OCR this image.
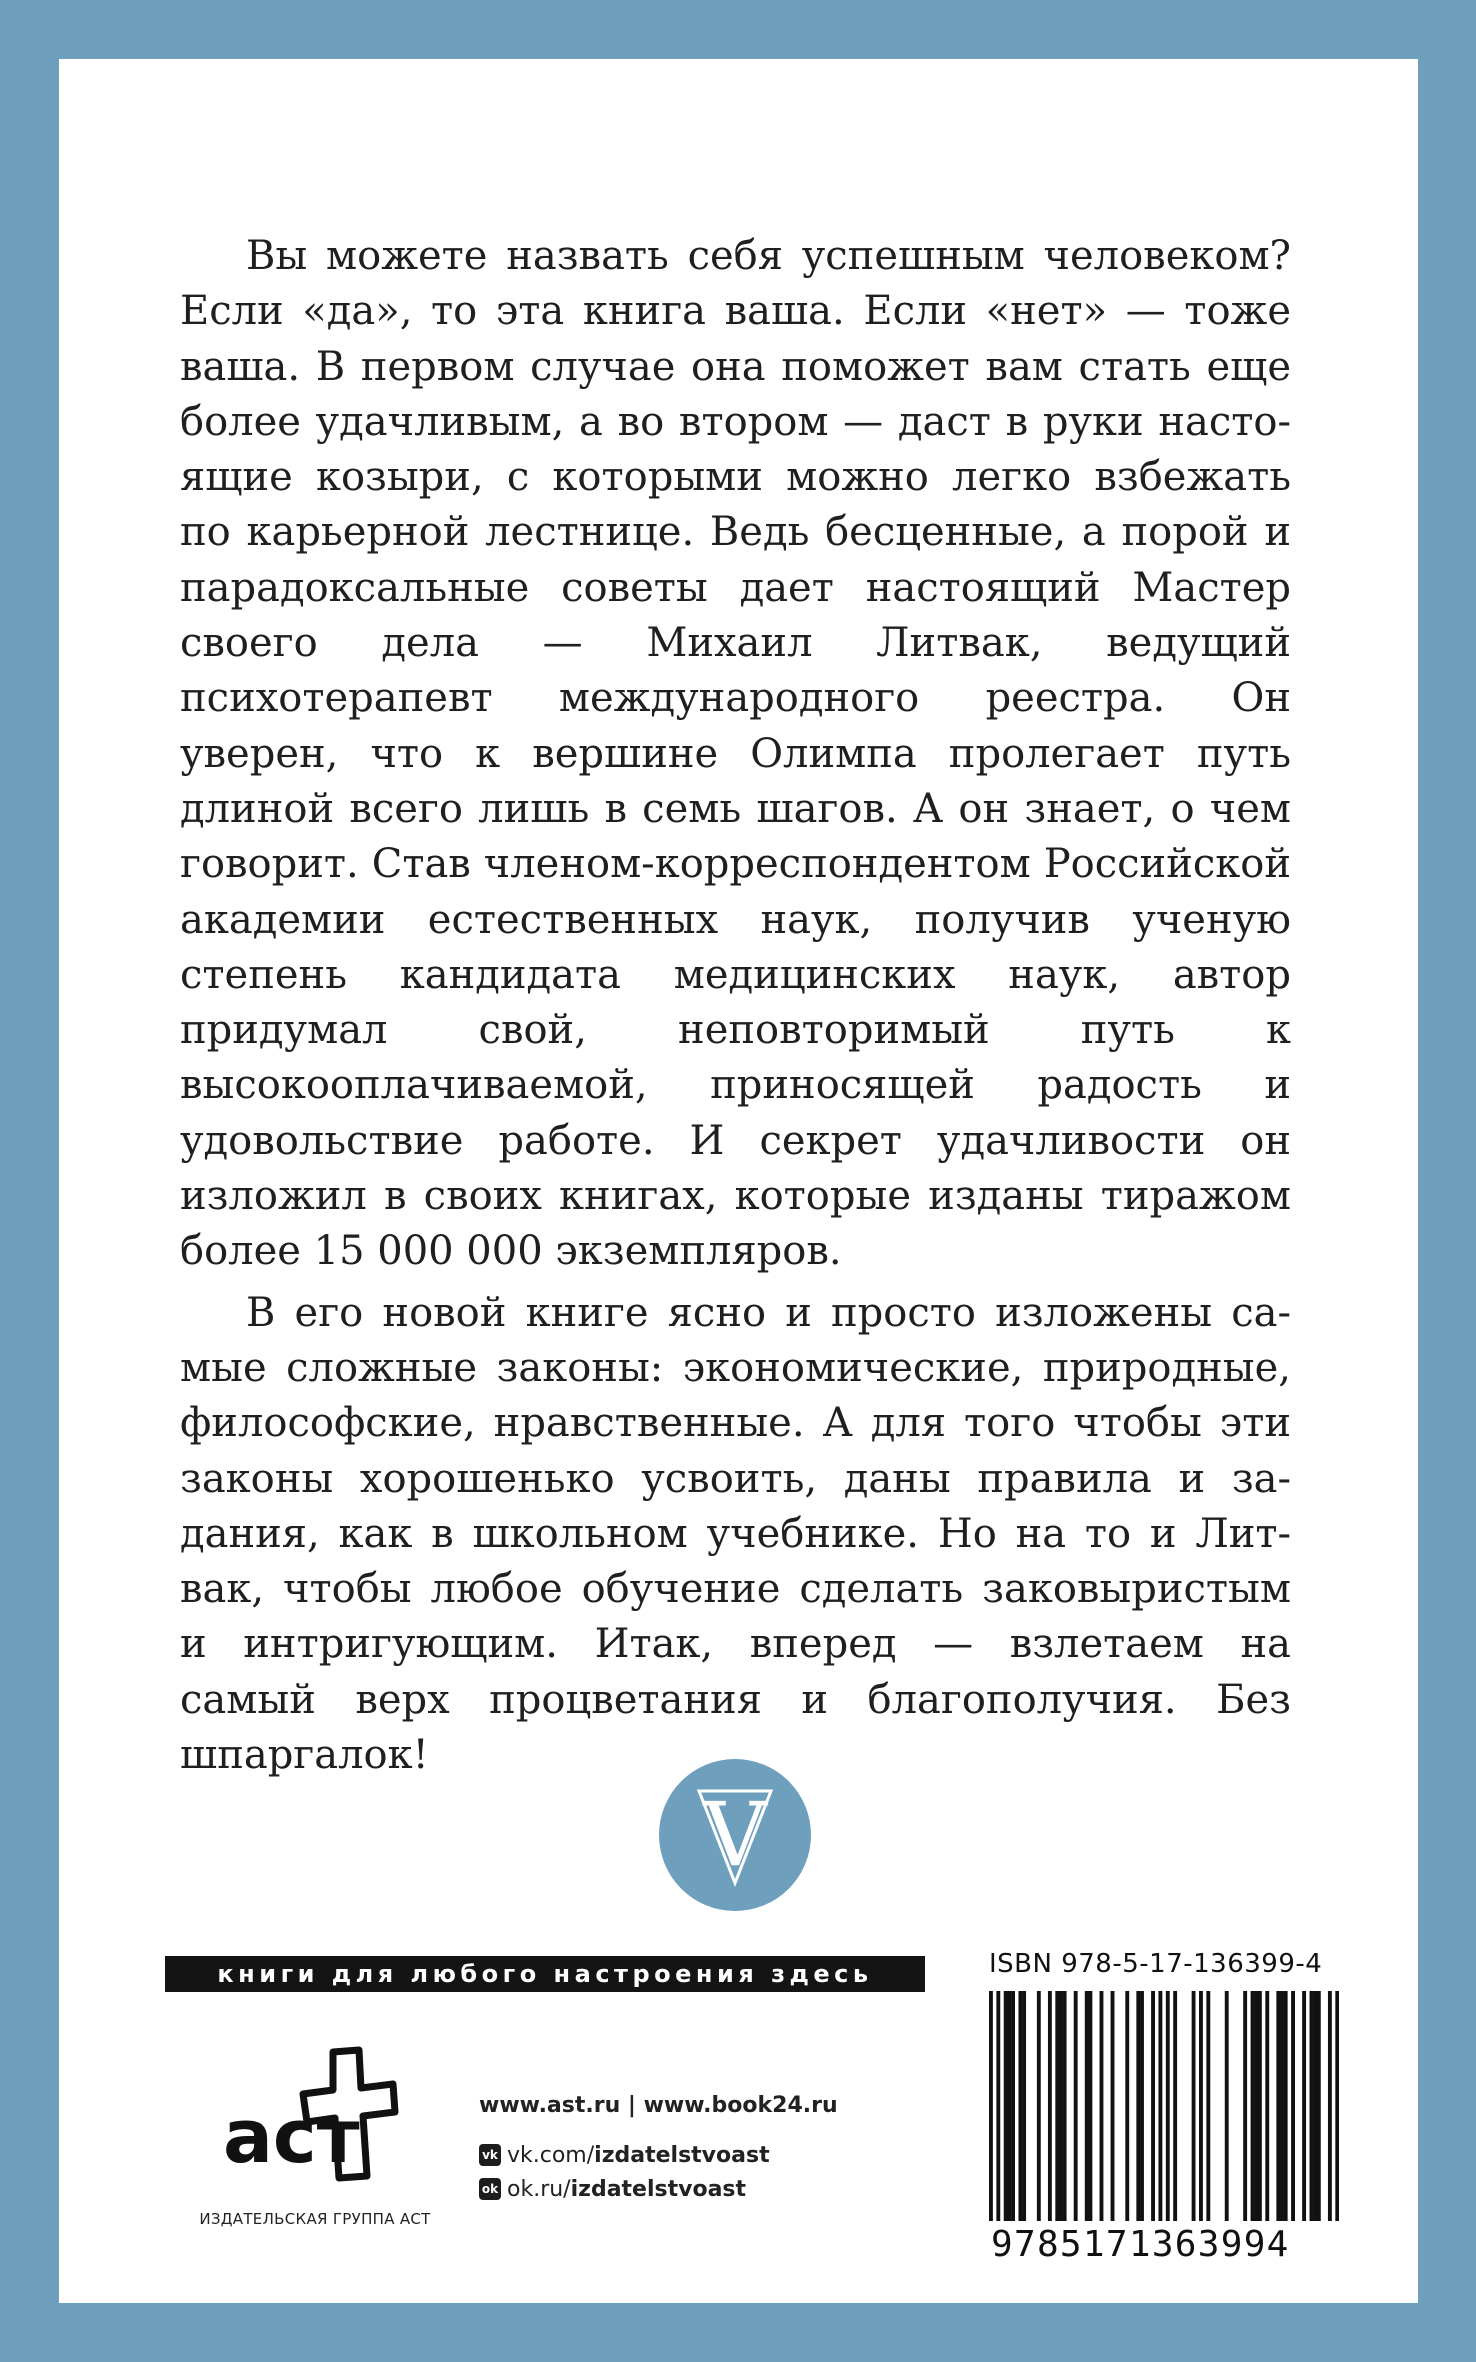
Вы можете назвать себя успешным человеком? Если «да», то эта книга ваша. Если «нет» — тоже ваша. В первом случае она поможет вам стать еще более удачливым, а во втором — даст в руки настоящие козыри, с которыми можно легко взбежать по карьерной лестнице. Ведь бесценные, а порой и парадоксальные советы дает настоящий Мастер своего дела — Михаил Литвак, ведущий психотерапевт международного реестра. Он уверен, что к вершине Олимпа пролегает путь длиной всего лишь в семь шагов. А он знает, о чем говорит. Став членом-корреспондентом Российской академии естественных наук, получив ученую степень кандидата медицинских наук, автор придумал свой, неповторимый путь к высокооплачиваемой, приносящей радость и удовольствие работе. И секрет удачливости он изложил в своих книгах, которые изданы тиражом более 15 000 000 экземпляров.

В его новой книге ясно и просто изложены самые сложные законы: экономические, природные, философские, нравственные. А для того чтобы эти законы хорошенько усвоить, даны правила и задания, как в школьном учебнике. Но на то и Литвак, чтобы любое обучение сделать заковыристым и интригующим. Итак, вперед — взлетаем на самый верх процветания и благополучия. Без шпаргалок!

V
книги для любого настроения здесь
аст
ИЗДАТЕЛЬСКАЯ ГРУППА АСТ
www.ast.ru | www.book24.ru
vk vk.com/ izdatelstvoast
ok ok.ru/ izdatelstvoast
ISBN 978-5-17-136399-4
9785171363994
